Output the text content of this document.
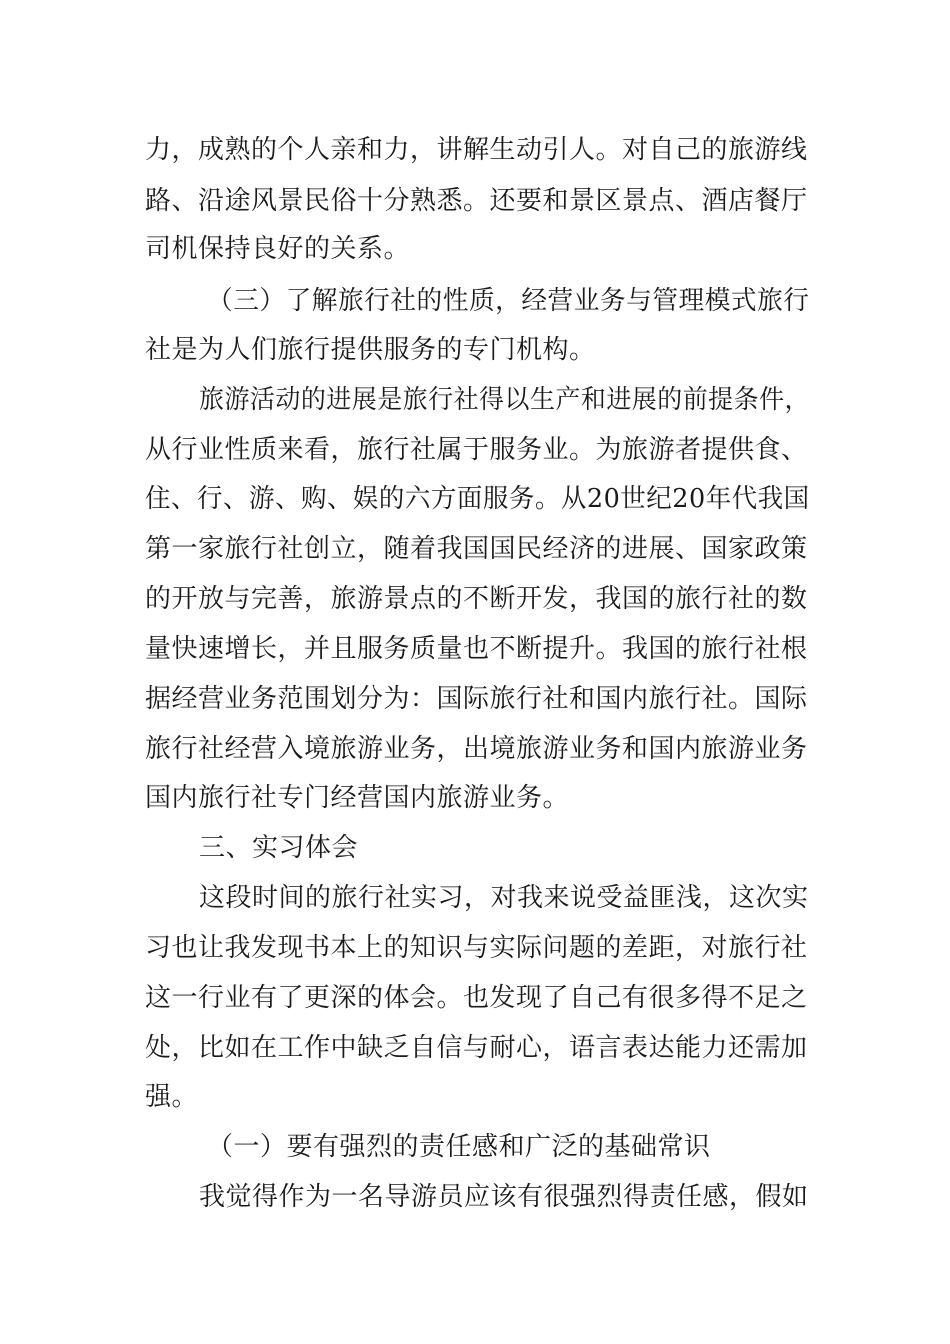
力，成熟的个人亲和力，讲解生动引人。对自己的旅游线
路、沿途风景民俗十分熟悉。还要和景区景点、酒店餐厅
司机保持良好的关系。
（三）了解旅行社的性质，经营业务与管理模式旅行
社是为人们旅行提供服务的专门机构。
旅游活动的进展是旅行社得以生产和进展的前提条件，
从行业性质来看，旅行社属于服务业。为旅游者提供食、
住、行、游、购、娱的六方面服务。从20世纪20年代我国
第一家旅行社创立，随着我国国民经济的进展、国家政策
的开放与完善，旅游景点的不断开发，我国的旅行社的数
量快速增长，并且服务质量也不断提升。我国的旅行社根
据经营业务范围划分为：国际旅行社和国内旅行社。国际
旅行社经营入境旅游业务，出境旅游业务和国内旅游业务
国内旅行社专门经营国内旅游业务。
三、实习体会
这段时间的旅行社实习，对我来说受益匪浅，这次实
习也让我发现书本上的知识与实际问题的差距，对旅行社
这一行业有了更深的体会。也发现了自己有很多得不足之
处，比如在工作中缺乏自信与耐心，语言表达能力还需加
强。
（一）要有强烈的责任感和广泛的基础常识
我觉得作为一名导游员应该有很强烈得责任感，假如
